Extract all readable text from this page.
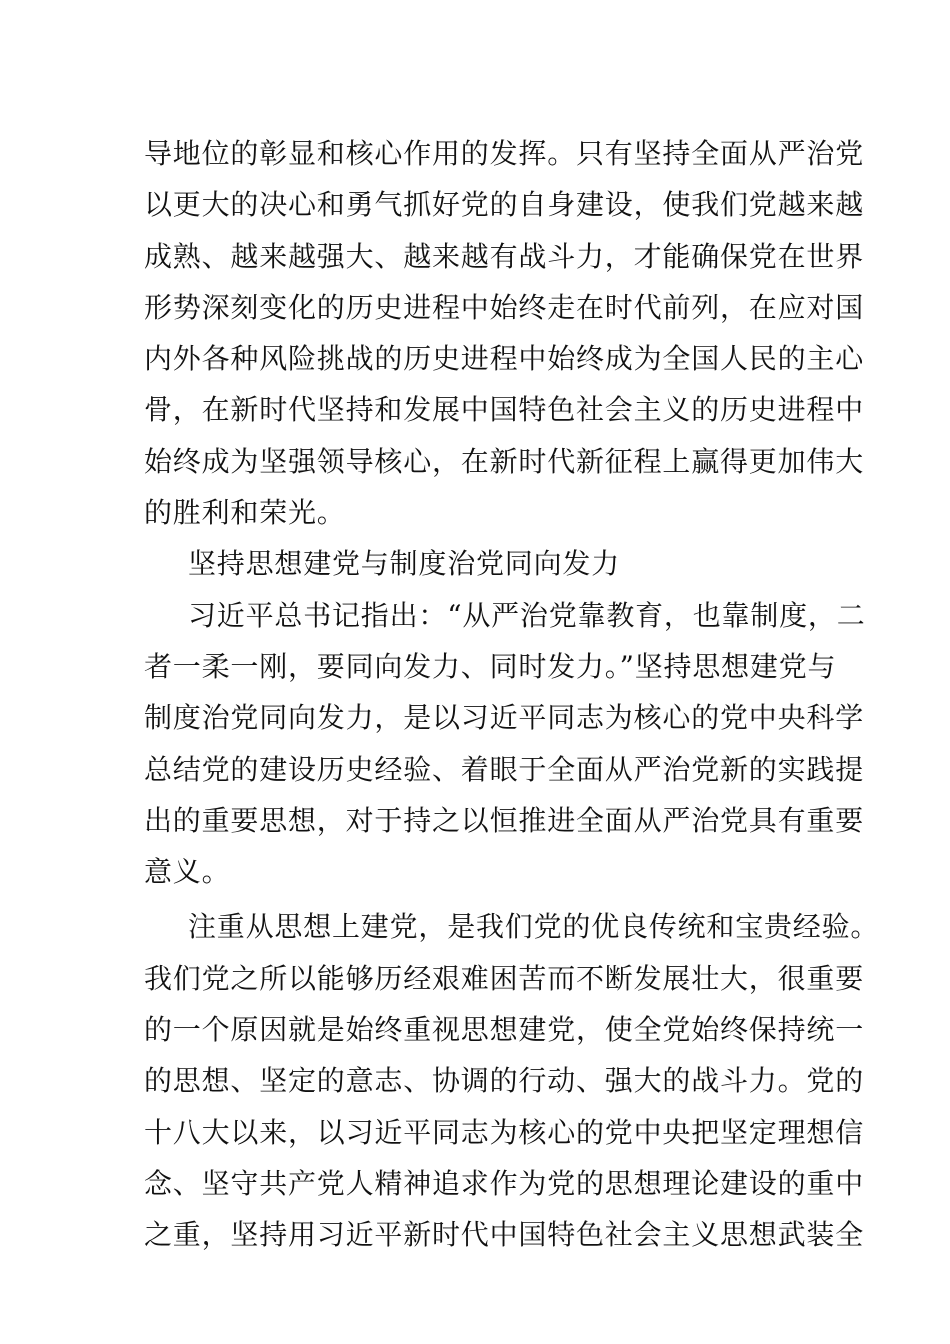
导地位的彰显和核心作用的发挥。只有坚持全面从严治党
以更大的决心和勇气抓好党的自身建设，使我们党越来越
成熟、越来越强大、越来越有战斗力，才能确保党在世界
形势深刻变化的历史进程中始终走在时代前列，在应对国
内外各种风险挑战的历史进程中始终成为全国人民的主心
骨，在新时代坚持和发展中国特色社会主义的历史进程中
始终成为坚强领导核心，在新时代新征程上赢得更加伟大
的胜利和荣光。
坚持思想建党与制度治党同向发力
习近平总书记指出：“从严治党靠教育，也靠制度，二
者一柔一刚，要同向发力、同时发力。”坚持思想建党与
制度治党同向发力，是以习近平同志为核心的党中央科学
总结党的建设历史经验、着眼于全面从严治党新的实践提
出的重要思想，对于持之以恒推进全面从严治党具有重要
意义。
注重从思想上建党，是我们党的优良传统和宝贵经验。
我们党之所以能够历经艰难困苦而不断发展壮大，很重要
的一个原因就是始终重视思想建党，使全党始终保持统一
的思想、坚定的意志、协调的行动、强大的战斗力。党的
十八大以来，以习近平同志为核心的党中央把坚定理想信
念、坚守共产党人精神追求作为党的思想理论建设的重中
之重，坚持用习近平新时代中国特色社会主义思想武装全
